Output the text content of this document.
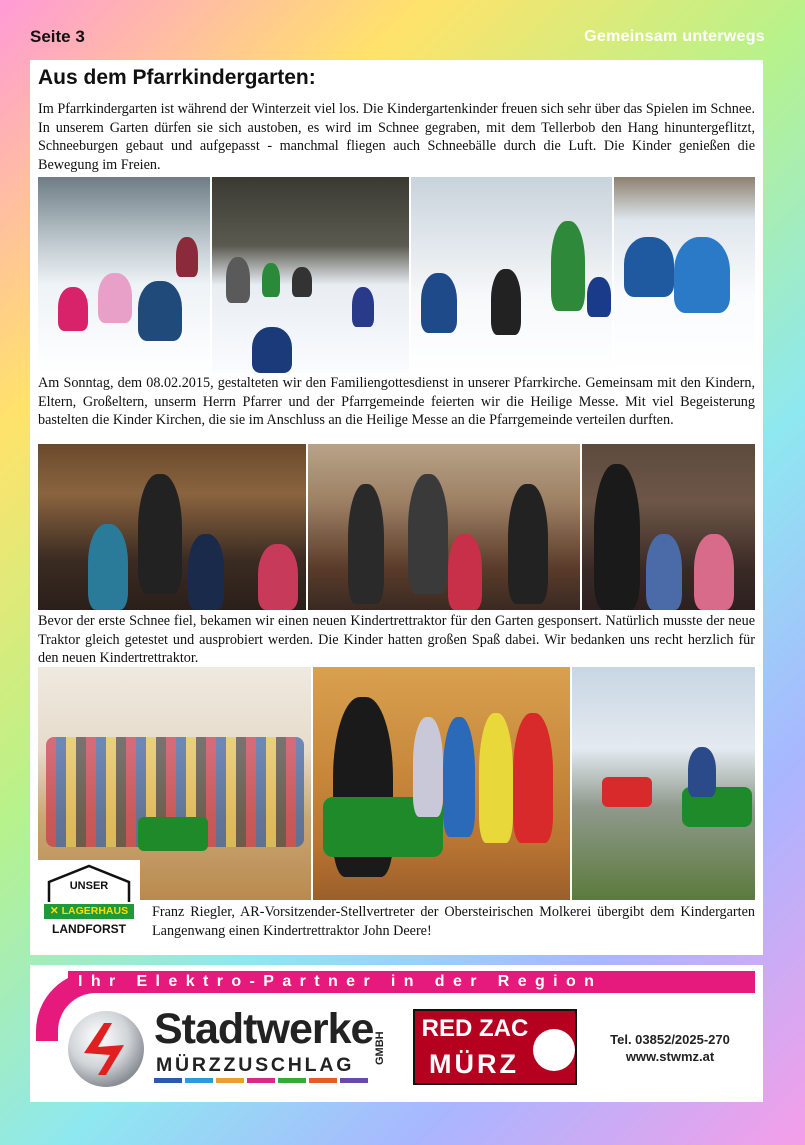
Seite 3	Gemeinsam unterwegs
Aus dem Pfarrkindergarten:

Im Pfarrkindergarten ist während der Winterzeit viel los. Die Kindergartenkinder freuen sich sehr über das Spielen im Schnee. In unserem Garten dürfen sie sich austoben, es wird im Schnee gegraben, mit dem Tellerbob den Hang hinuntergeflitzt, Schneeburgen gebaut und aufgepasst - manchmal fliegen auch Schneebälle durch die Luft. Die Kinder genießen die Bewegung im Freien.

Am Sonntag, dem 08.02.2015, gestalteten wir den Familiengottesdienst in unserer Pfarrkirche. Gemeinsam mit den Kindern, Eltern, Großeltern, unserm Herrn Pfarrer und der Pfarrgemeinde feierten wir die Heilige Messe. Mit viel Begeisterung bastelten die Kinder Kirchen, die sie im Anschluss an die Heilige Messe an die Pfarrgemeinde verteilen durften.

Bevor der erste Schnee fiel, bekamen wir einen neuen Kindertrettraktor für den Garten gesponsert. Natürlich musste der neue Traktor gleich getestet und ausprobiert werden. Die Kinder hatten großen Spaß dabei. Wir bedanken uns recht herzlich für den neuen Kindertrettraktor.

UNSER
✕ LAGERHAUS
LANDFORST

Franz Riegler, AR-Vorsitzender-Stellvertreter der Obersteirischen Molkerei übergibt dem Kindergarten Langenwang einen Kindertrettraktor John Deere!

Ihr Elektro-Partner in der Region
Stadtwerke GMBH
MÜRZZUSCHLAG
RED ZAC
MÜRZ
Tel. 03852/2025-270
www.stwmz.at
